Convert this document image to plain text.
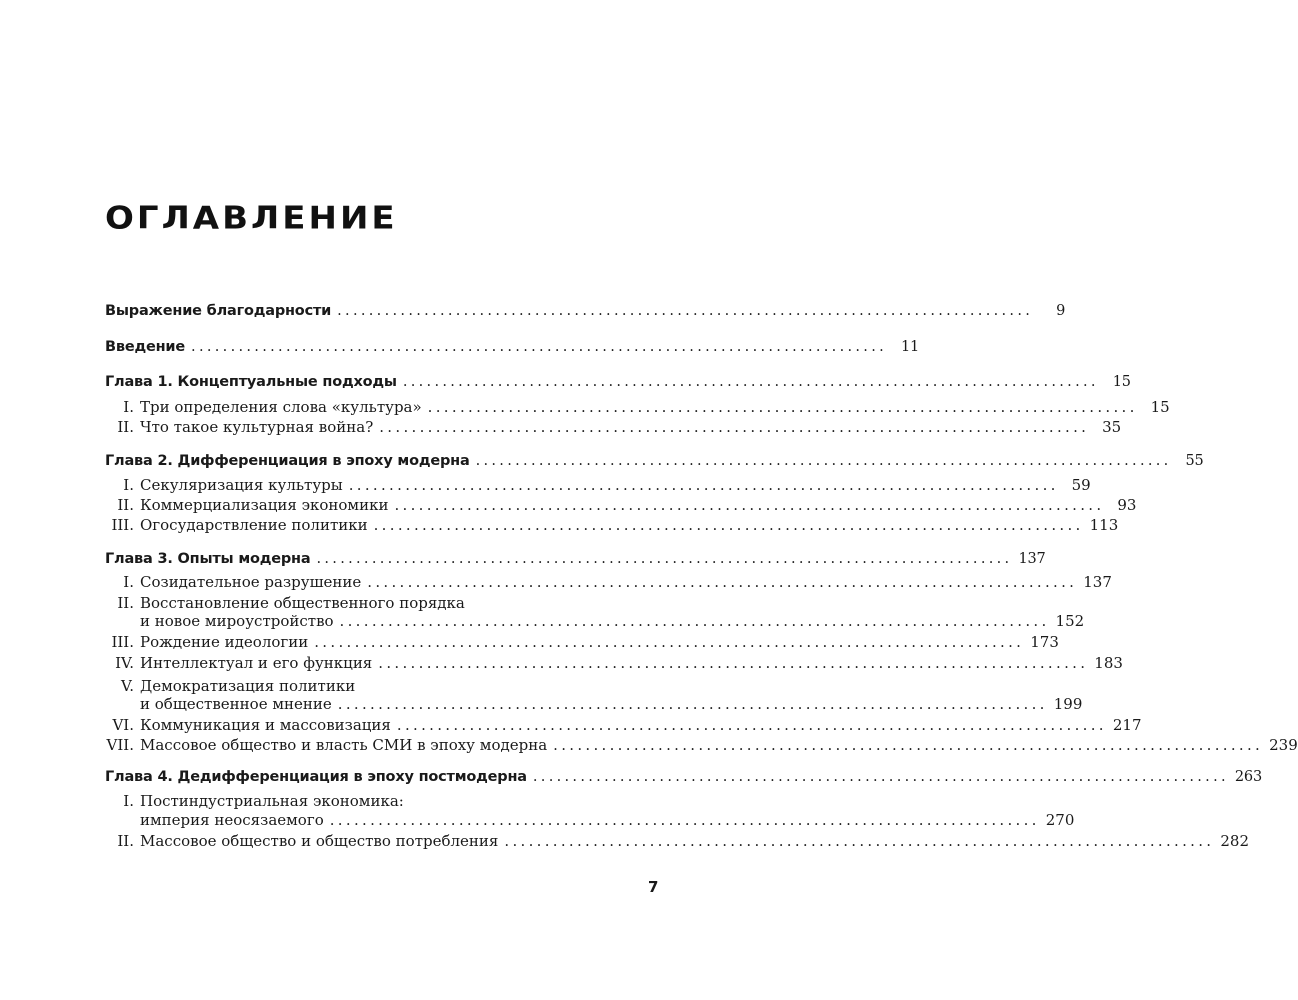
ОГЛАВЛЕНИЕ
Выражение благодарности ........................................................................................	9
Введение ........................................................................................ 11
Глава 1. Концептуальные подходы ........................................................................................ 15
I. Три определения слова «культура» ........................................................................................ 15
II. Что такое культурная война? ........................................................................................ 35
Глава 2. Дифференциация в эпоху модерна ........................................................................................ 55
I. Секуляризация культуры ........................................................................................ 59
II. Коммерциализация экономики ........................................................................................ 93
III. Огосударствление политики ........................................................................................ 113
Глава 3. Опыты модерна ........................................................................................ 137
I. Созидательное разрушение ........................................................................................ 137
II. Восстановление общественного порядка
и новое мироустройство ........................................................................................ 152
III. Рождение идеологии ........................................................................................ 173
IV. Интеллектуал и его функция ........................................................................................ 183
V. Демократизация политики
и общественное мнение ........................................................................................ 199
VI. Коммуникация и массовизация ........................................................................................ 217
VII. Массовое общество и власть СМИ в эпоху модерна ........................................................................................ 239
Глава 4. Дедифференциация в эпоху постмодерна ........................................................................................ 263
I. Постиндустриальная экономика:
империя неосязаемого ........................................................................................ 270
II. Массовое общество и общество потребления ........................................................................................ 282
7
